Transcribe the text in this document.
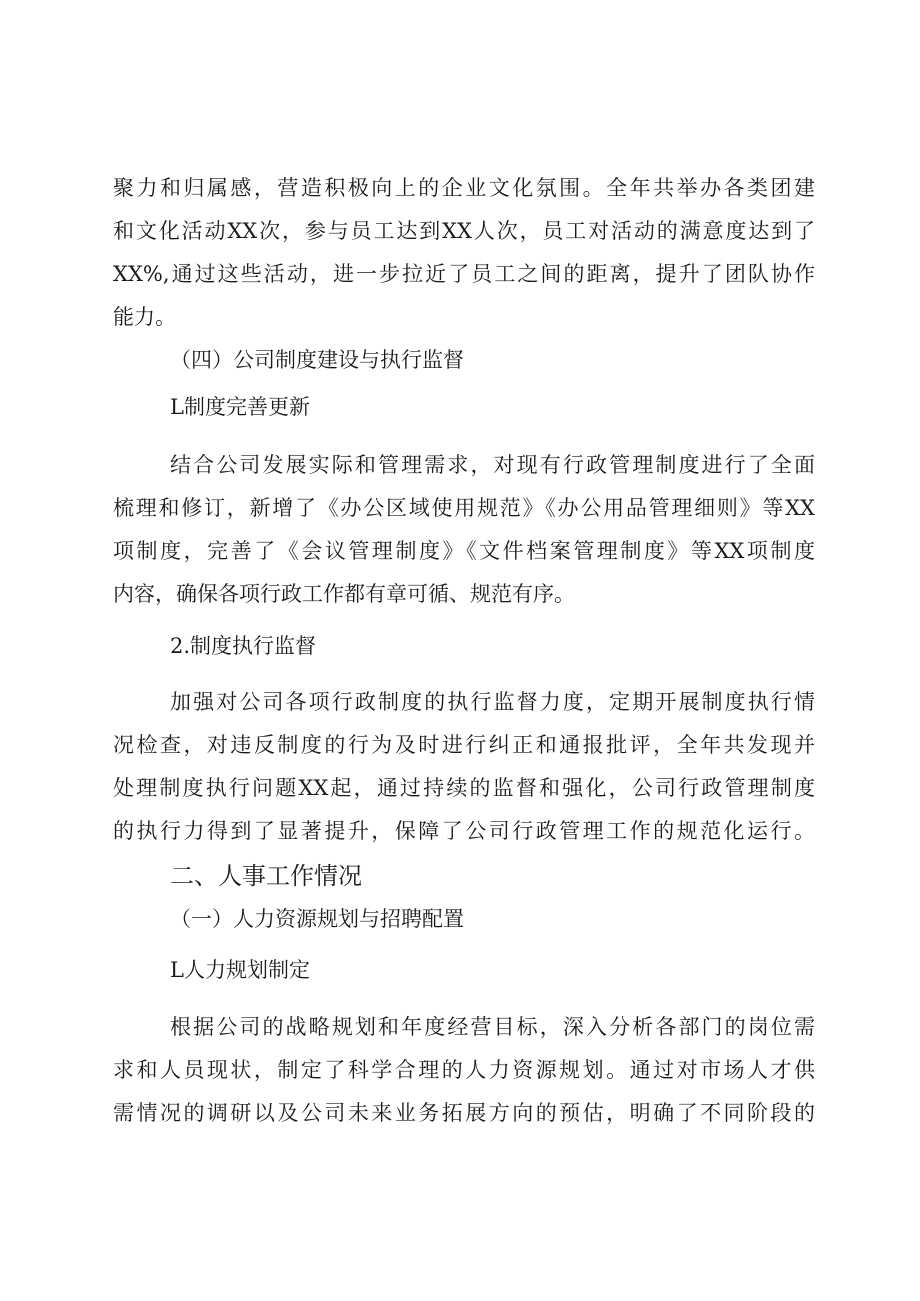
聚力和归属感，营造积极向上的企业文化氛围。全年共举办各类团建
和文化活动XX次，参与员工达到XX人次，员工对活动的满意度达到了
XX%,通过这些活动，进一步拉近了员工之间的距离，提升了团队协作
能力。
（四）公司制度建设与执行监督
L制度完善更新
结合公司发展实际和管理需求，对现有行政管理制度进行了全面
梳理和修订，新增了《办公区域使用规范》《办公用品管理细则》等XX
项制度，完善了《会议管理制度》《文件档案管理制度》等XX项制度
内容，确保各项行政工作都有章可循、规范有序。
2.制度执行监督
加强对公司各项行政制度的执行监督力度，定期开展制度执行情
况检查，对违反制度的行为及时进行纠正和通报批评，全年共发现并
处理制度执行问题XX起，通过持续的监督和强化，公司行政管理制度
的执行力得到了显著提升，保障了公司行政管理工作的规范化运行。
二、人事工作情况
（一）人力资源规划与招聘配置
L人力规划制定
根据公司的战略规划和年度经营目标，深入分析各部门的岗位需
求和人员现状，制定了科学合理的人力资源规划。通过对市场人才供
需情况的调研以及公司未来业务拓展方向的预估，明确了不同阶段的
